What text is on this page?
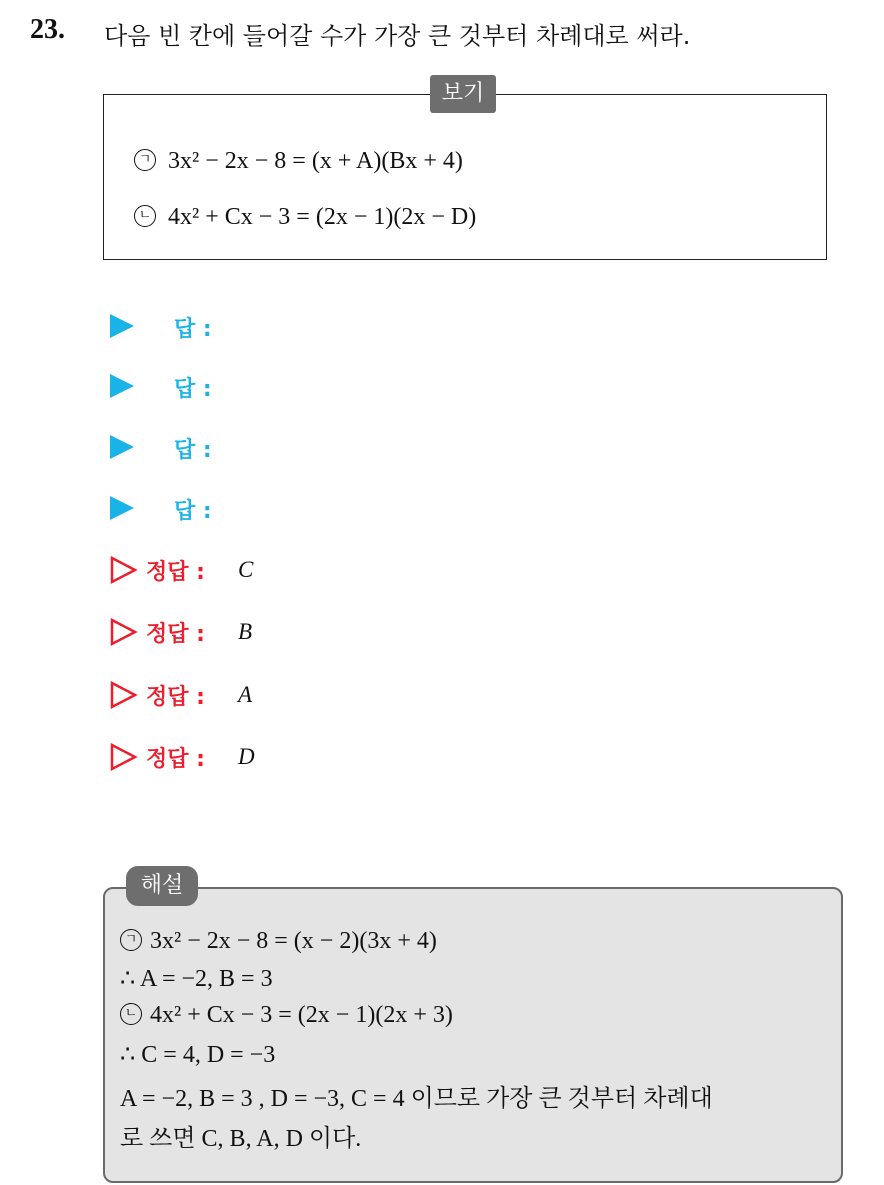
23. 다음 빈 칸에 들어갈 수가 가장 큰 것부터 차례대로 써라.
보기
ㄱ 3x² − 2x − 8 = (x + A)(Bx + 4)
ㄴ 4x² + Cx − 3 = (2x − 1)(2x − D)
답 :
답 :
답 :
답 :
정답 : C
정답 : B
정답 : A
정답 : D
해설
ㄱ 3x² − 2x − 8 = (x − 2)(3x + 4)
∴ A = −2, B = 3
ㄴ 4x² + Cx − 3 = (2x − 1)(2x + 3)
∴ C = 4, D = −3
A = −2, B = 3 , D = −3, C = 4 이므로 가장 큰 것부터 차례대
로 쓰면 C, B, A, D 이다.
